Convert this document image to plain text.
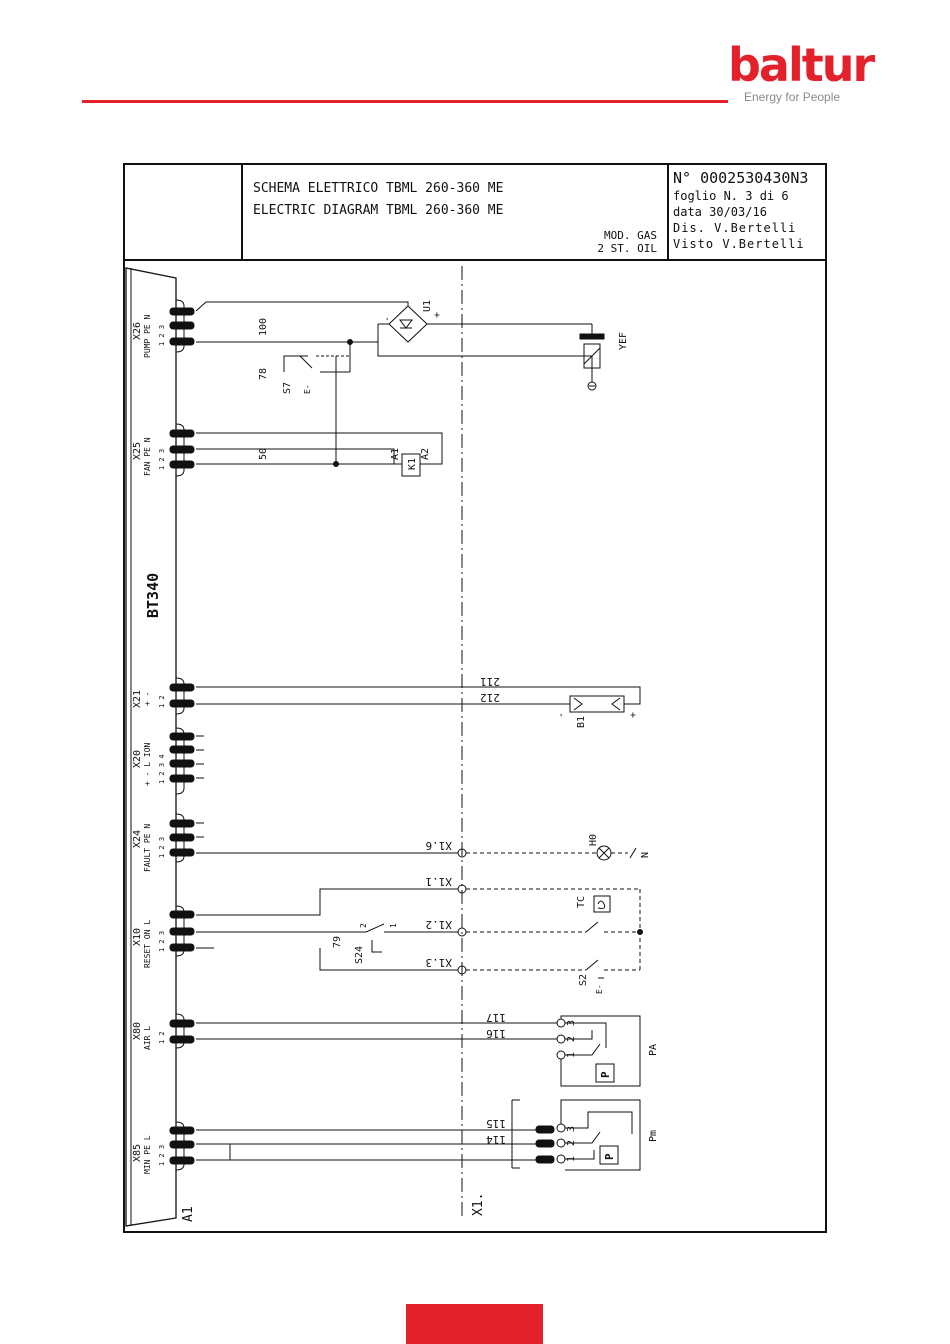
baltur
Energy for People
SCHEMA ELETTRICO TBML 260-360 ME
ELECTRIC DIAGRAM TBML 260-360 ME
MOD. GAS
2 ST. OIL
N° 0002530430N3
foglio N. 3 di 6
data 30/03/16
Dis. V.Bertelli
Visto V.Bertelli
X26 PUMP PE N 1 2 3
X25 FAN PE N 1 2 3
X21 + - 1 2
X20 + - L ION 1 2 3 4
X24 FAULT PE N 1 2 3
X10 RESET ON L 1 2 3
X80 AIR L 1 2
X85 MIN PE L 1 2 3
BT340
A1	X1.
100
78
50
79
U1
+
-
YEF
S7 E-
K1
A1 A2
B1
-	+
H0
N
TC
S24
2	1
S2
E-
PA
3
2
1
P
Pm
3
2
1 P
211
212
X1.6
X1.1
X1.2
X1.3
117
116
115
114
